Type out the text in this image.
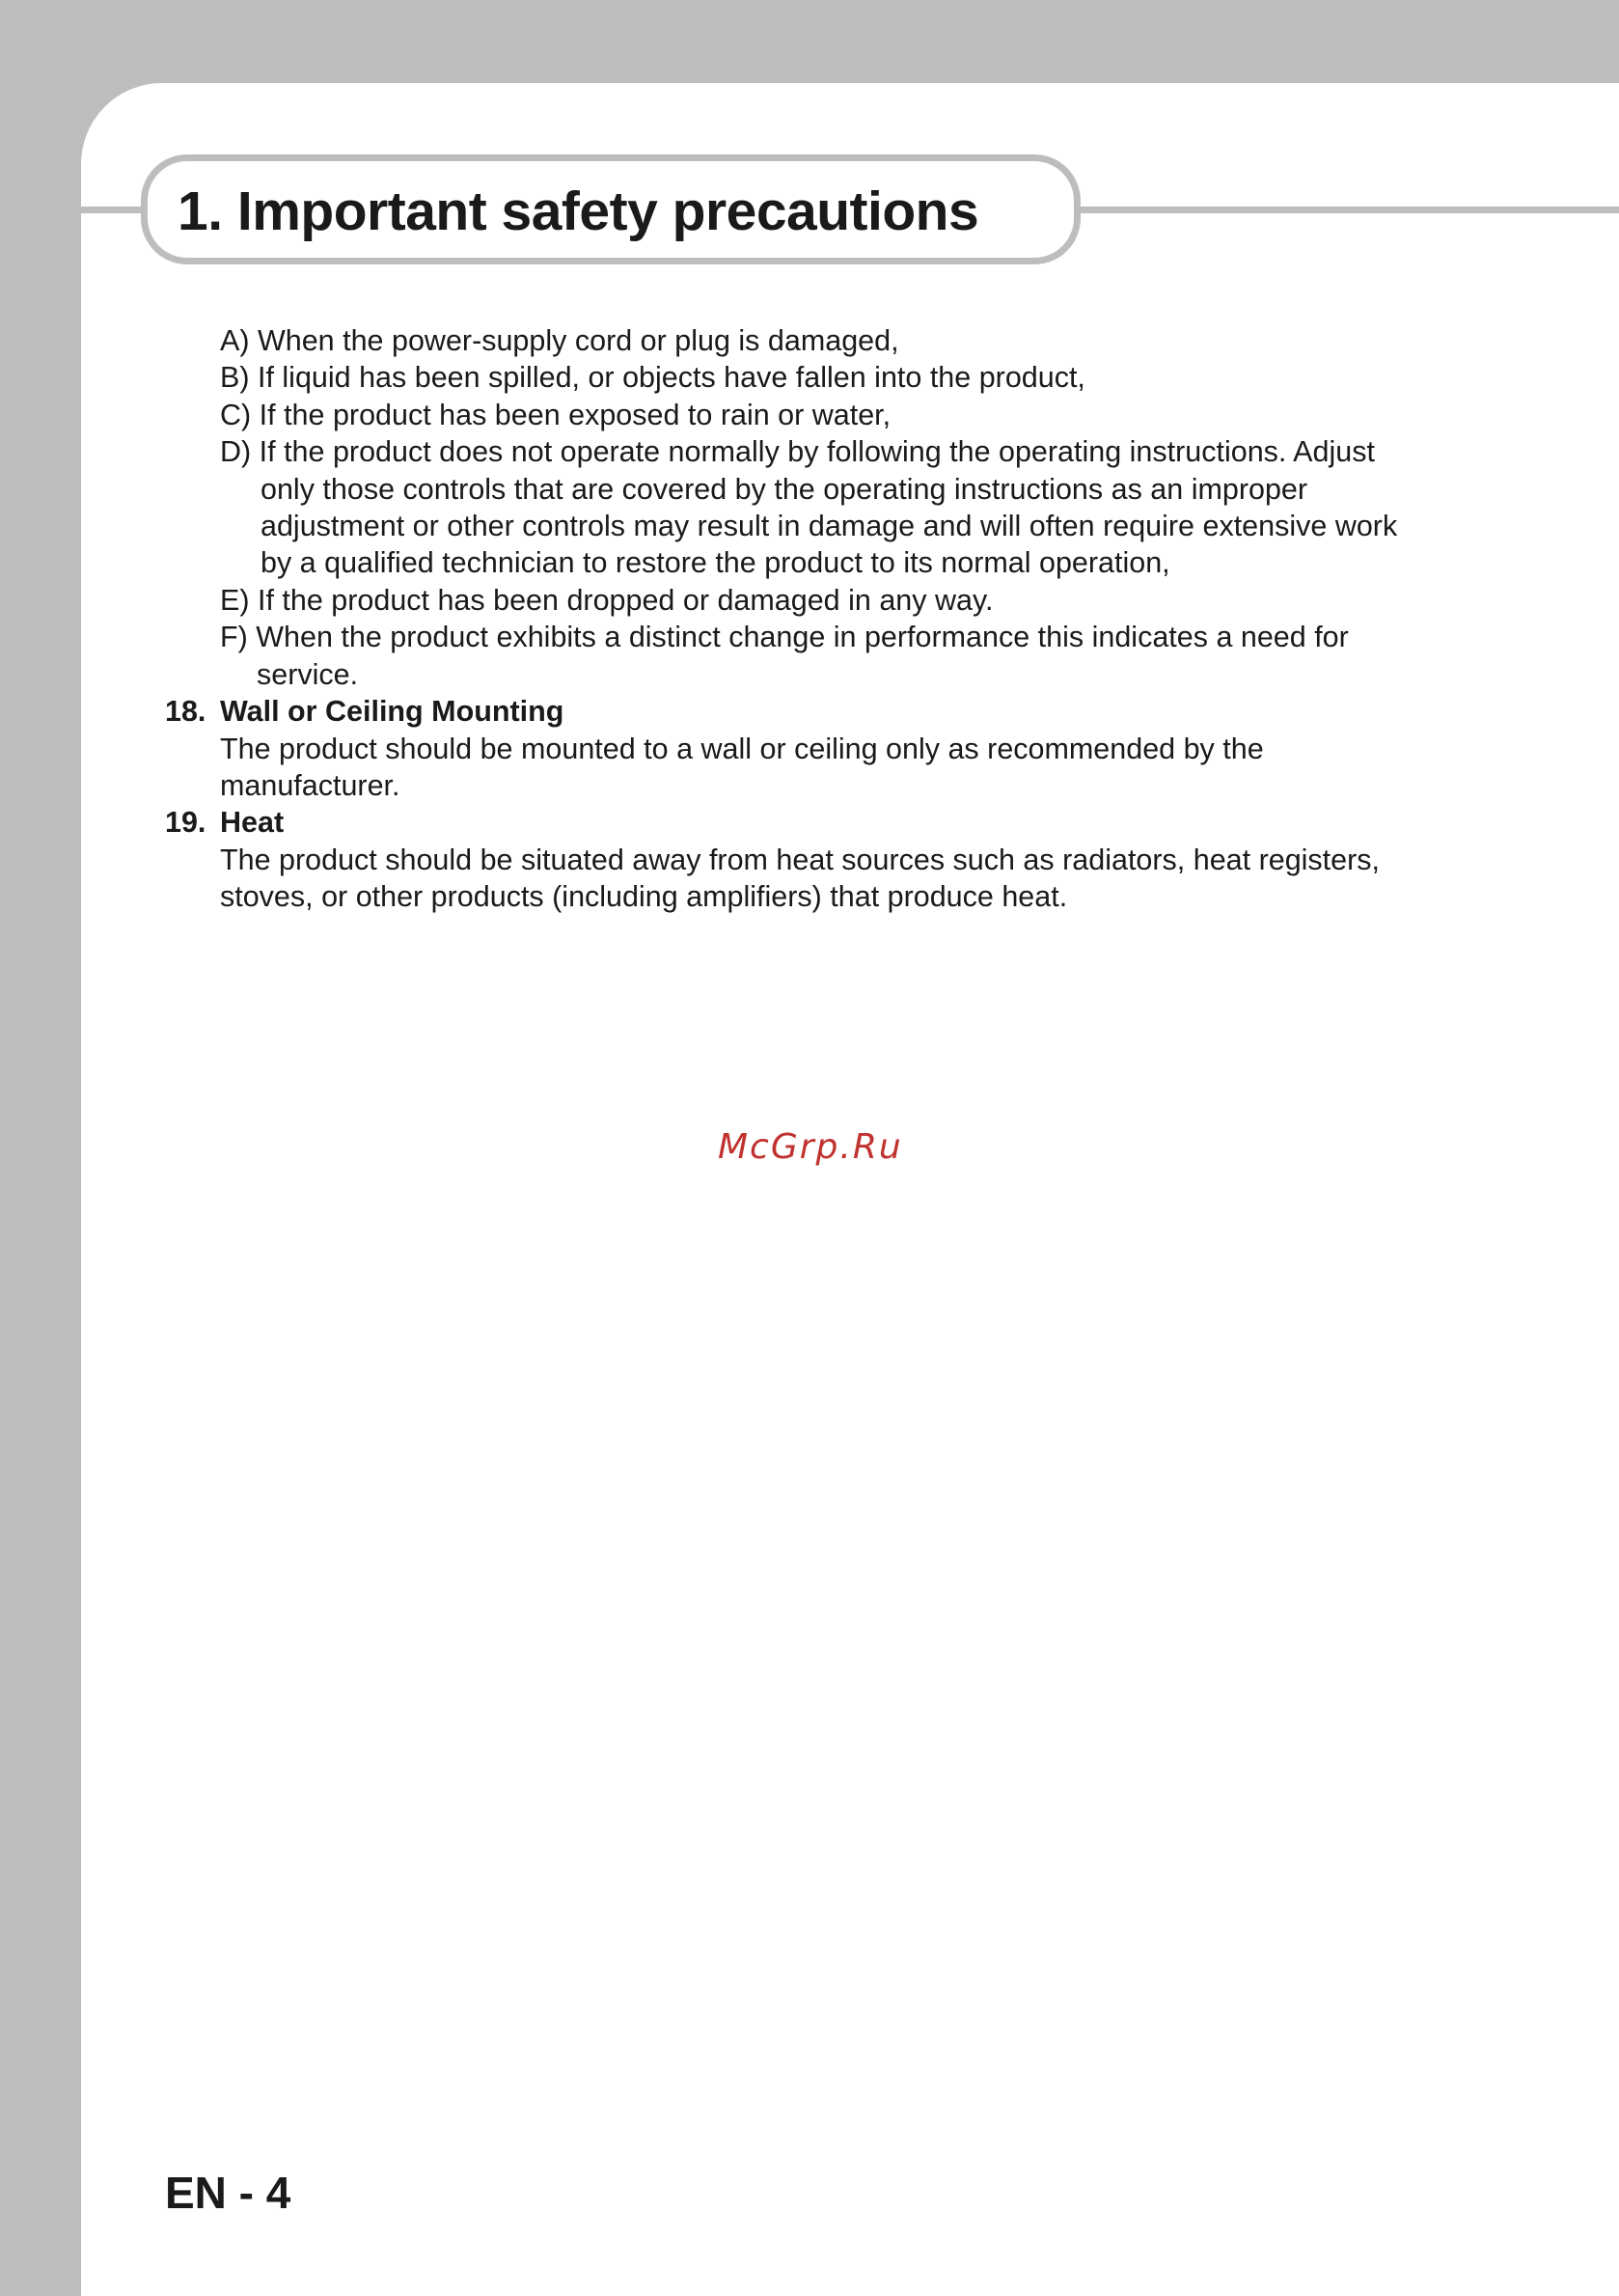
1. Important safety precautions
A) When the power-supply cord or plug is damaged,
B) If liquid has been spilled, or objects have fallen into the product,
C) If the product has been exposed to rain or water,
D) If the product does not operate normally by following the operating instructions. Adjust
only those controls that are covered by the operating instructions as an improper
adjustment or other controls may result in damage and will often require extensive work
by a qualified technician to restore the product to its normal operation,
E) If the product has been dropped or damaged in any way.
F) When the product exhibits a distinct change in performance this indicates a need for
service.
18. Wall or Ceiling Mounting
The product should be mounted to a wall or ceiling only as recommended by the
manufacturer.
19. Heat
The product should be situated away from heat sources such as radiators, heat registers,
stoves, or other products (including amplifiers) that produce heat.
McGrp.Ru
EN - 4
